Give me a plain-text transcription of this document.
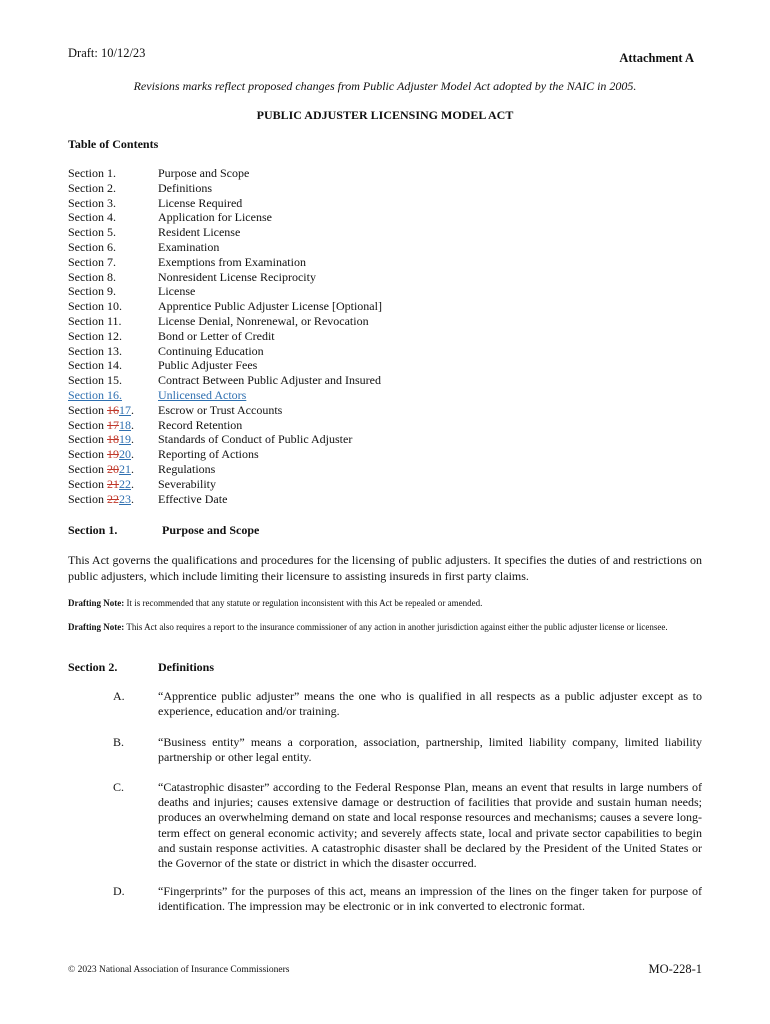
Draft: 10/12/23	Attachment A
Revisions marks reflect proposed changes from Public Adjuster Model Act adopted by the NAIC in 2005.
PUBLIC ADJUSTER LICENSING MODEL ACT
Table of Contents
Section 1.	Purpose and Scope
Section 2.	Definitions
Section 3.	License Required
Section 4.	Application for License
Section 5.	Resident License
Section 6.	Examination
Section 7.	Exemptions from Examination
Section 8.	Nonresident License Reciprocity
Section 9.	License
Section 10.	Apprentice Public Adjuster License [Optional]
Section 11.	License Denial, Nonrenewal, or Revocation
Section 12.	Bond or Letter of Credit
Section 13.	Continuing Education
Section 14.	Public Adjuster Fees
Section 15.	Contract Between Public Adjuster and Insured
Section 16.	Unlicensed Actors
Section 1617. Escrow or Trust Accounts
Section 1718. Record Retention
Section 1819. Standards of Conduct of Public Adjuster
Section 1920. Reporting of Actions
Section 2021. Regulations
Section 2122. Severability
Section 2223. Effective Date
Section 1.	Purpose and Scope
This Act governs the qualifications and procedures for the licensing of public adjusters. It specifies the duties of and restrictions on public adjusters, which include limiting their licensure to assisting insureds in first party claims.
Drafting Note: It is recommended that any statute or regulation inconsistent with this Act be repealed or amended.
Drafting Note: This Act also requires a report to the insurance commissioner of any action in another jurisdiction against either the public adjuster license or licensee.
Section 2.	Definitions
A.	“Apprentice public adjuster” means the one who is qualified in all respects as a public adjuster except as to experience, education and/or training.
B.	“Business entity” means a corporation, association, partnership, limited liability company, limited liability partnership or other legal entity.
C.	“Catastrophic disaster” according to the Federal Response Plan, means an event that results in large numbers of deaths and injuries; causes extensive damage or destruction of facilities that provide and sustain human needs; produces an overwhelming demand on state and local response resources and mechanisms; causes a severe long-term effect on general economic activity; and severely affects state, local and private sector capabilities to begin and sustain response activities. A catastrophic disaster shall be declared by the President of the United States or the Governor of the state or district in which the disaster occurred.
D.	“Fingerprints” for the purposes of this act, means an impression of the lines on the finger taken for purpose of identification. The impression may be electronic or in ink converted to electronic format.
© 2023 National Association of Insurance Commissioners	MO-228-1
